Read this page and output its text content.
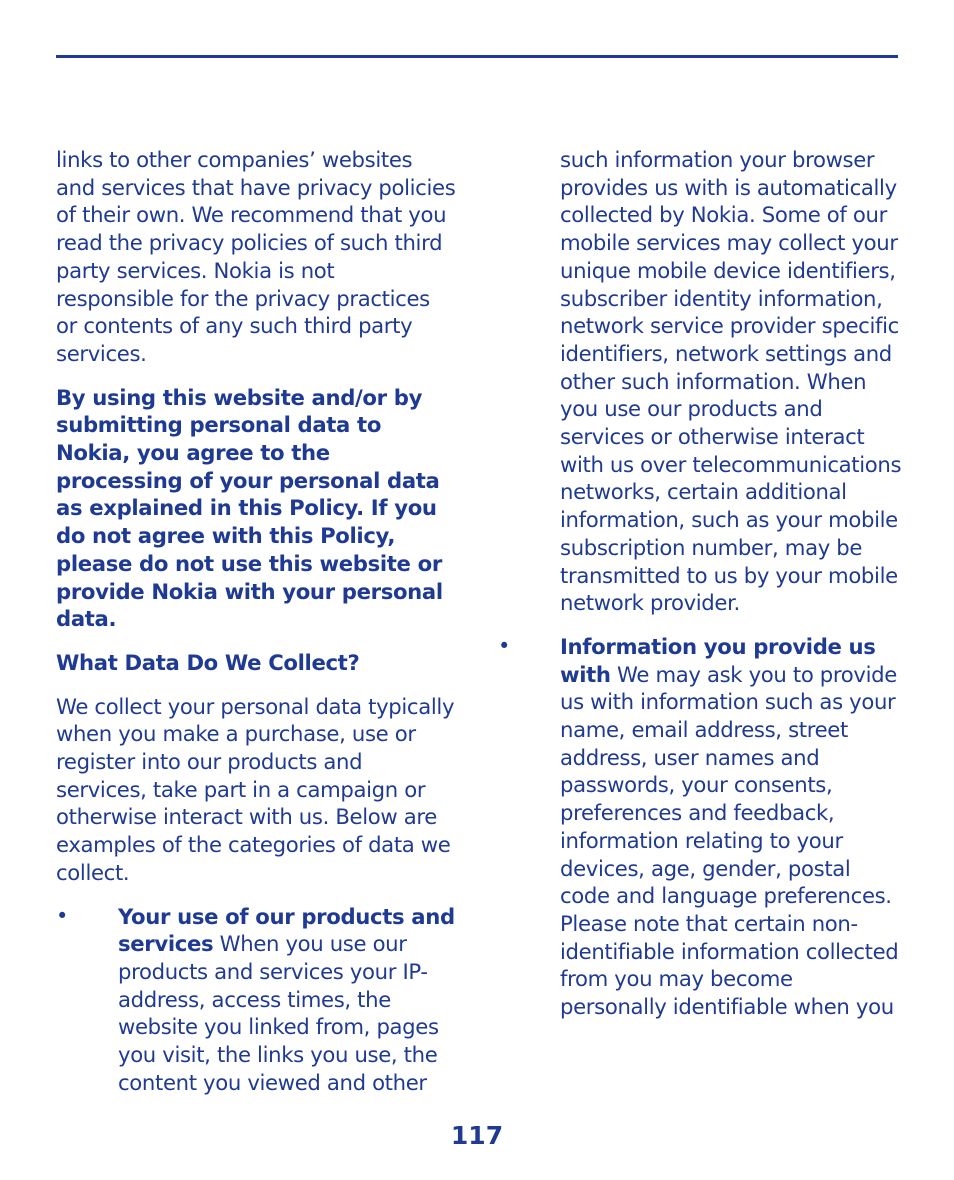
links to other companies’ websites and services that have privacy policies of their own. We recommend that you read the privacy policies of such third party services. Nokia is not responsible for the privacy practices or contents of any such third party services.

By using this website and/or by submitting personal data to Nokia, you agree to the processing of your personal data as explained in this Policy. If you do not agree with this Policy, please do not use this website or provide Nokia with your personal data.

What Data Do We Collect?

We collect your personal data typically when you make a purchase, use or register into our products and services, take part in a campaign or otherwise interact with us. Below are examples of the categories of data we collect.

• Your use of our products and services When you use our products and services your IP-address, access times, the website you linked from, pages you visit, the links you use, the content you viewed and other

such information your browser provides us with is automatically collected by Nokia. Some of our mobile services may collect your unique mobile device identifiers, subscriber identity information, network service provider specific identifiers, network settings and other such information. When you use our products and services or otherwise interact with us over telecommunications networks, certain additional information, such as your mobile subscription number, may be transmitted to us by your mobile network provider.

• Information you provide us with We may ask you to provide us with information such as your name, email address, street address, user names and passwords, your consents, preferences and feedback, information relating to your devices, age, gender, postal code and language preferences. Please note that certain non-identifiable information collected from you may become personally identifiable when you

117
